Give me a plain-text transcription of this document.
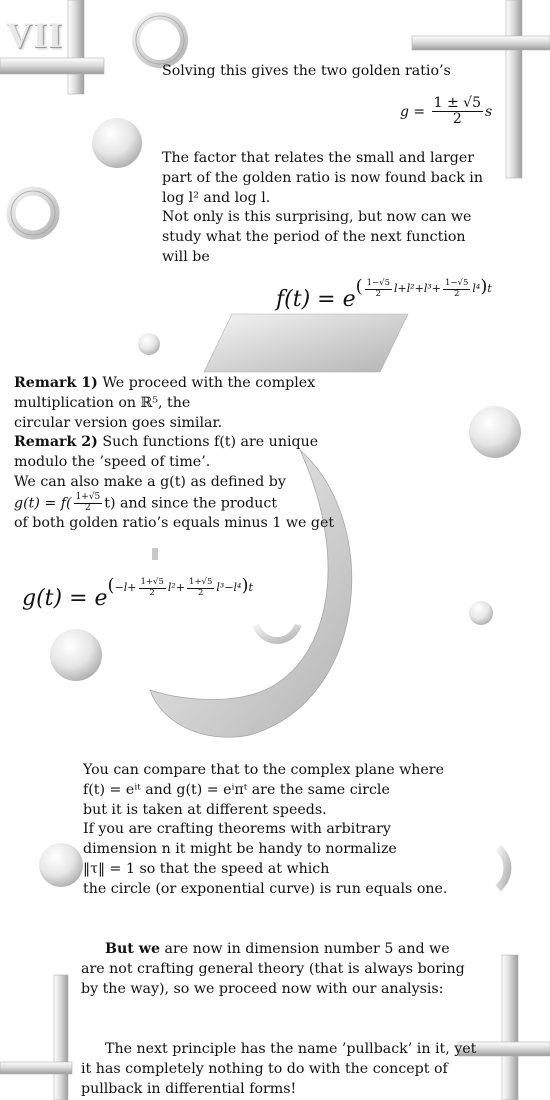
VII

Solving this gives the two golden ratio’s

$g = \frac{1 \pm √5}{2}$ s

The factor that relates the small and larger

part of the golden ratio is now found back in

log l² and log l.

Not only is this surprising, but now can we

study what the period of the next function

will be

$f(t) = e^{( \frac{1-√5}{2} l+l^2+l^3+ \frac{1-√5}{2} l^4)t}$

Remark 1) We proceed with the complex

multiplication on ℝ⁵, the

circular version goes similar.

Remark 2) Such functions f(t) are unique

modulo the ’speed of time’.

We can also make a g(t) as defined by

$g(t) = f( \frac{1+√5}{2} t)$ and since the product

of both golden ratio’s equals minus 1 we get

$g(t) = e^{(-l+ \frac{1+√5}{2} l^2+ \frac{1+√5}{2} l^3-l^4)t}$

You can compare that to the complex plane where

f(t) = eⁱᵗ and g(t) = eⁱπᵗ are the same circle

but it is taken at different speeds.

If you are crafting theorems with arbitrary

dimension n it might be handy to normalize

‖τ‖ = 1 so that the speed at which

the circle (or exponential curve) is run equals one.

But we are now in dimension number 5 and we

are not crafting general theory (that is always boring

by the way), so we proceed now with our analysis:

The next principle has the name ’pullback’ in it, yet

it has completely nothing to do with the concept of

pullback in differential forms!
